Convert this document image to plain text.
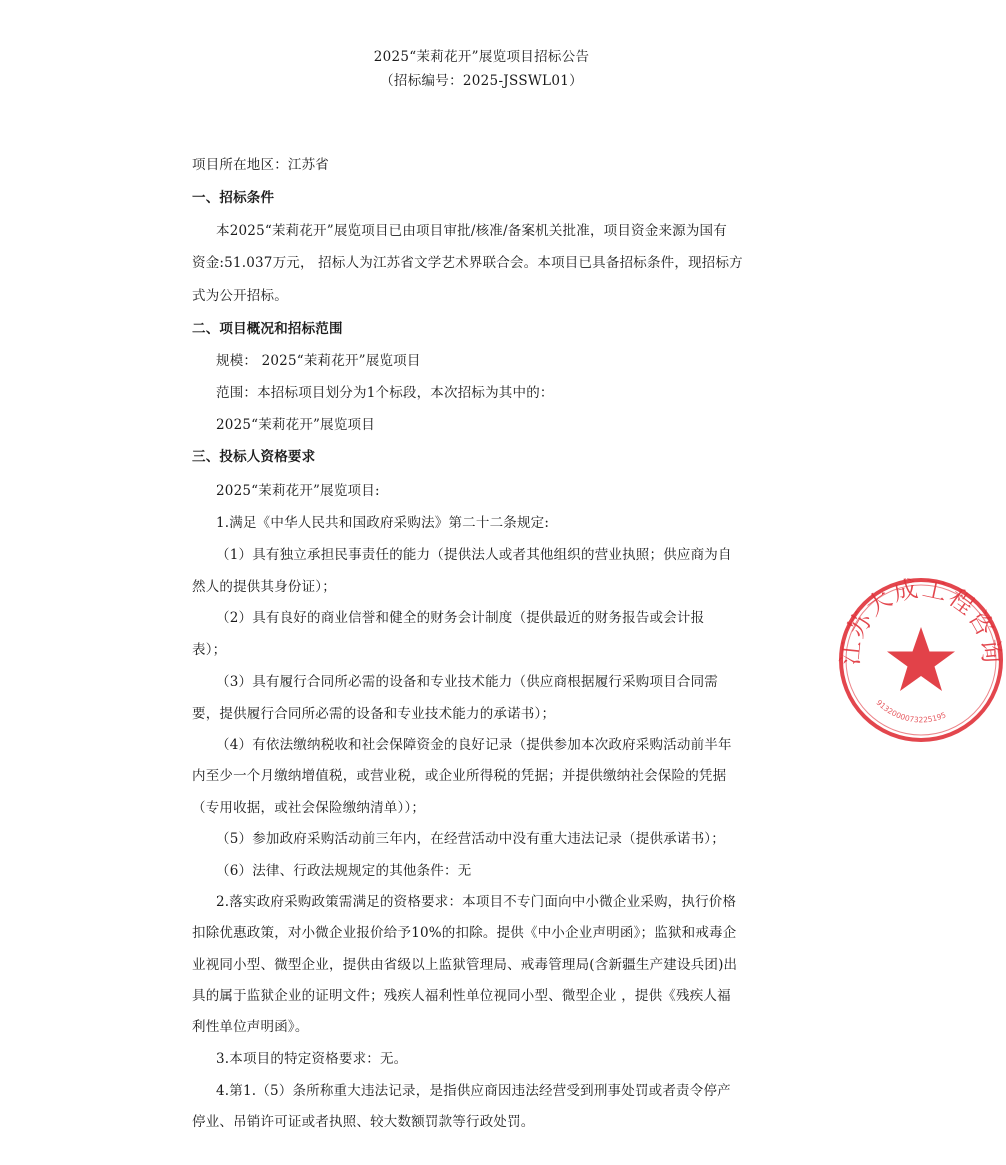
2025“茉莉花开”展览项目招标公告
（招标编号：2025-JSSWL01）
项目所在地区：江苏省
一、招标条件
本2025“茉莉花开”展览项目已由项目审批/核准/备案机关批准，项目资金来源为国有
资金:51.037万元， 招标人为江苏省文学艺术界联合会。本项目已具备招标条件，现招标方
式为公开招标。
二、项目概况和招标范围
规模： 2025“茉莉花开”展览项目
范围：本招标项目划分为1个标段，本次招标为其中的：
2025“茉莉花开”展览项目
三、投标人资格要求
2025“茉莉花开”展览项目:
1.满足《中华人民共和国政府采购法》第二十二条规定:
（1）具有独立承担民事责任的能力（提供法人或者其他组织的营业执照；供应商为自
然人的提供其身份证）；
（2）具有良好的商业信誉和健全的财务会计制度（提供最近的财务报告或会计报
表）；
（3）具有履行合同所必需的设备和专业技术能力（供应商根据履行采购项目合同需
要，提供履行合同所必需的设备和专业技术能力的承诺书）；
（4）有依法缴纳税收和社会保障资金的良好记录（提供参加本次政府采购活动前半年
内至少一个月缴纳增值税，或营业税，或企业所得税的凭据；并提供缴纳社会保险的凭据
（专用收据，或社会保险缴纳清单））；
（5）参加政府采购活动前三年内，在经营活动中没有重大违法记录（提供承诺书）；
（6）法律、行政法规规定的其他条件：无
2.落实政府采购政策需满足的资格要求：本项目不专门面向中小微企业采购，执行价格
扣除优惠政策，对小微企业报价给予10%的扣除。提供《中小企业声明函》；监狱和戒毒企
业视同小型、微型企业，提供由省级以上监狱管理局、戒毒管理局(含新疆生产建设兵团)出
具的属于监狱企业的证明文件；残疾人福利性单位视同小型、微型企业 ，提供《残疾人福
利性单位声明函》。
3.本项目的特定资格要求：无。
4.第1.（5）条所称重大违法记录，是指供应商因违法经营受到刑事处罚或者责令停产
停业、吊销许可证或者执照、较大数额罚款等行政处罚。
江苏大成工程咨询
9132000073225195
